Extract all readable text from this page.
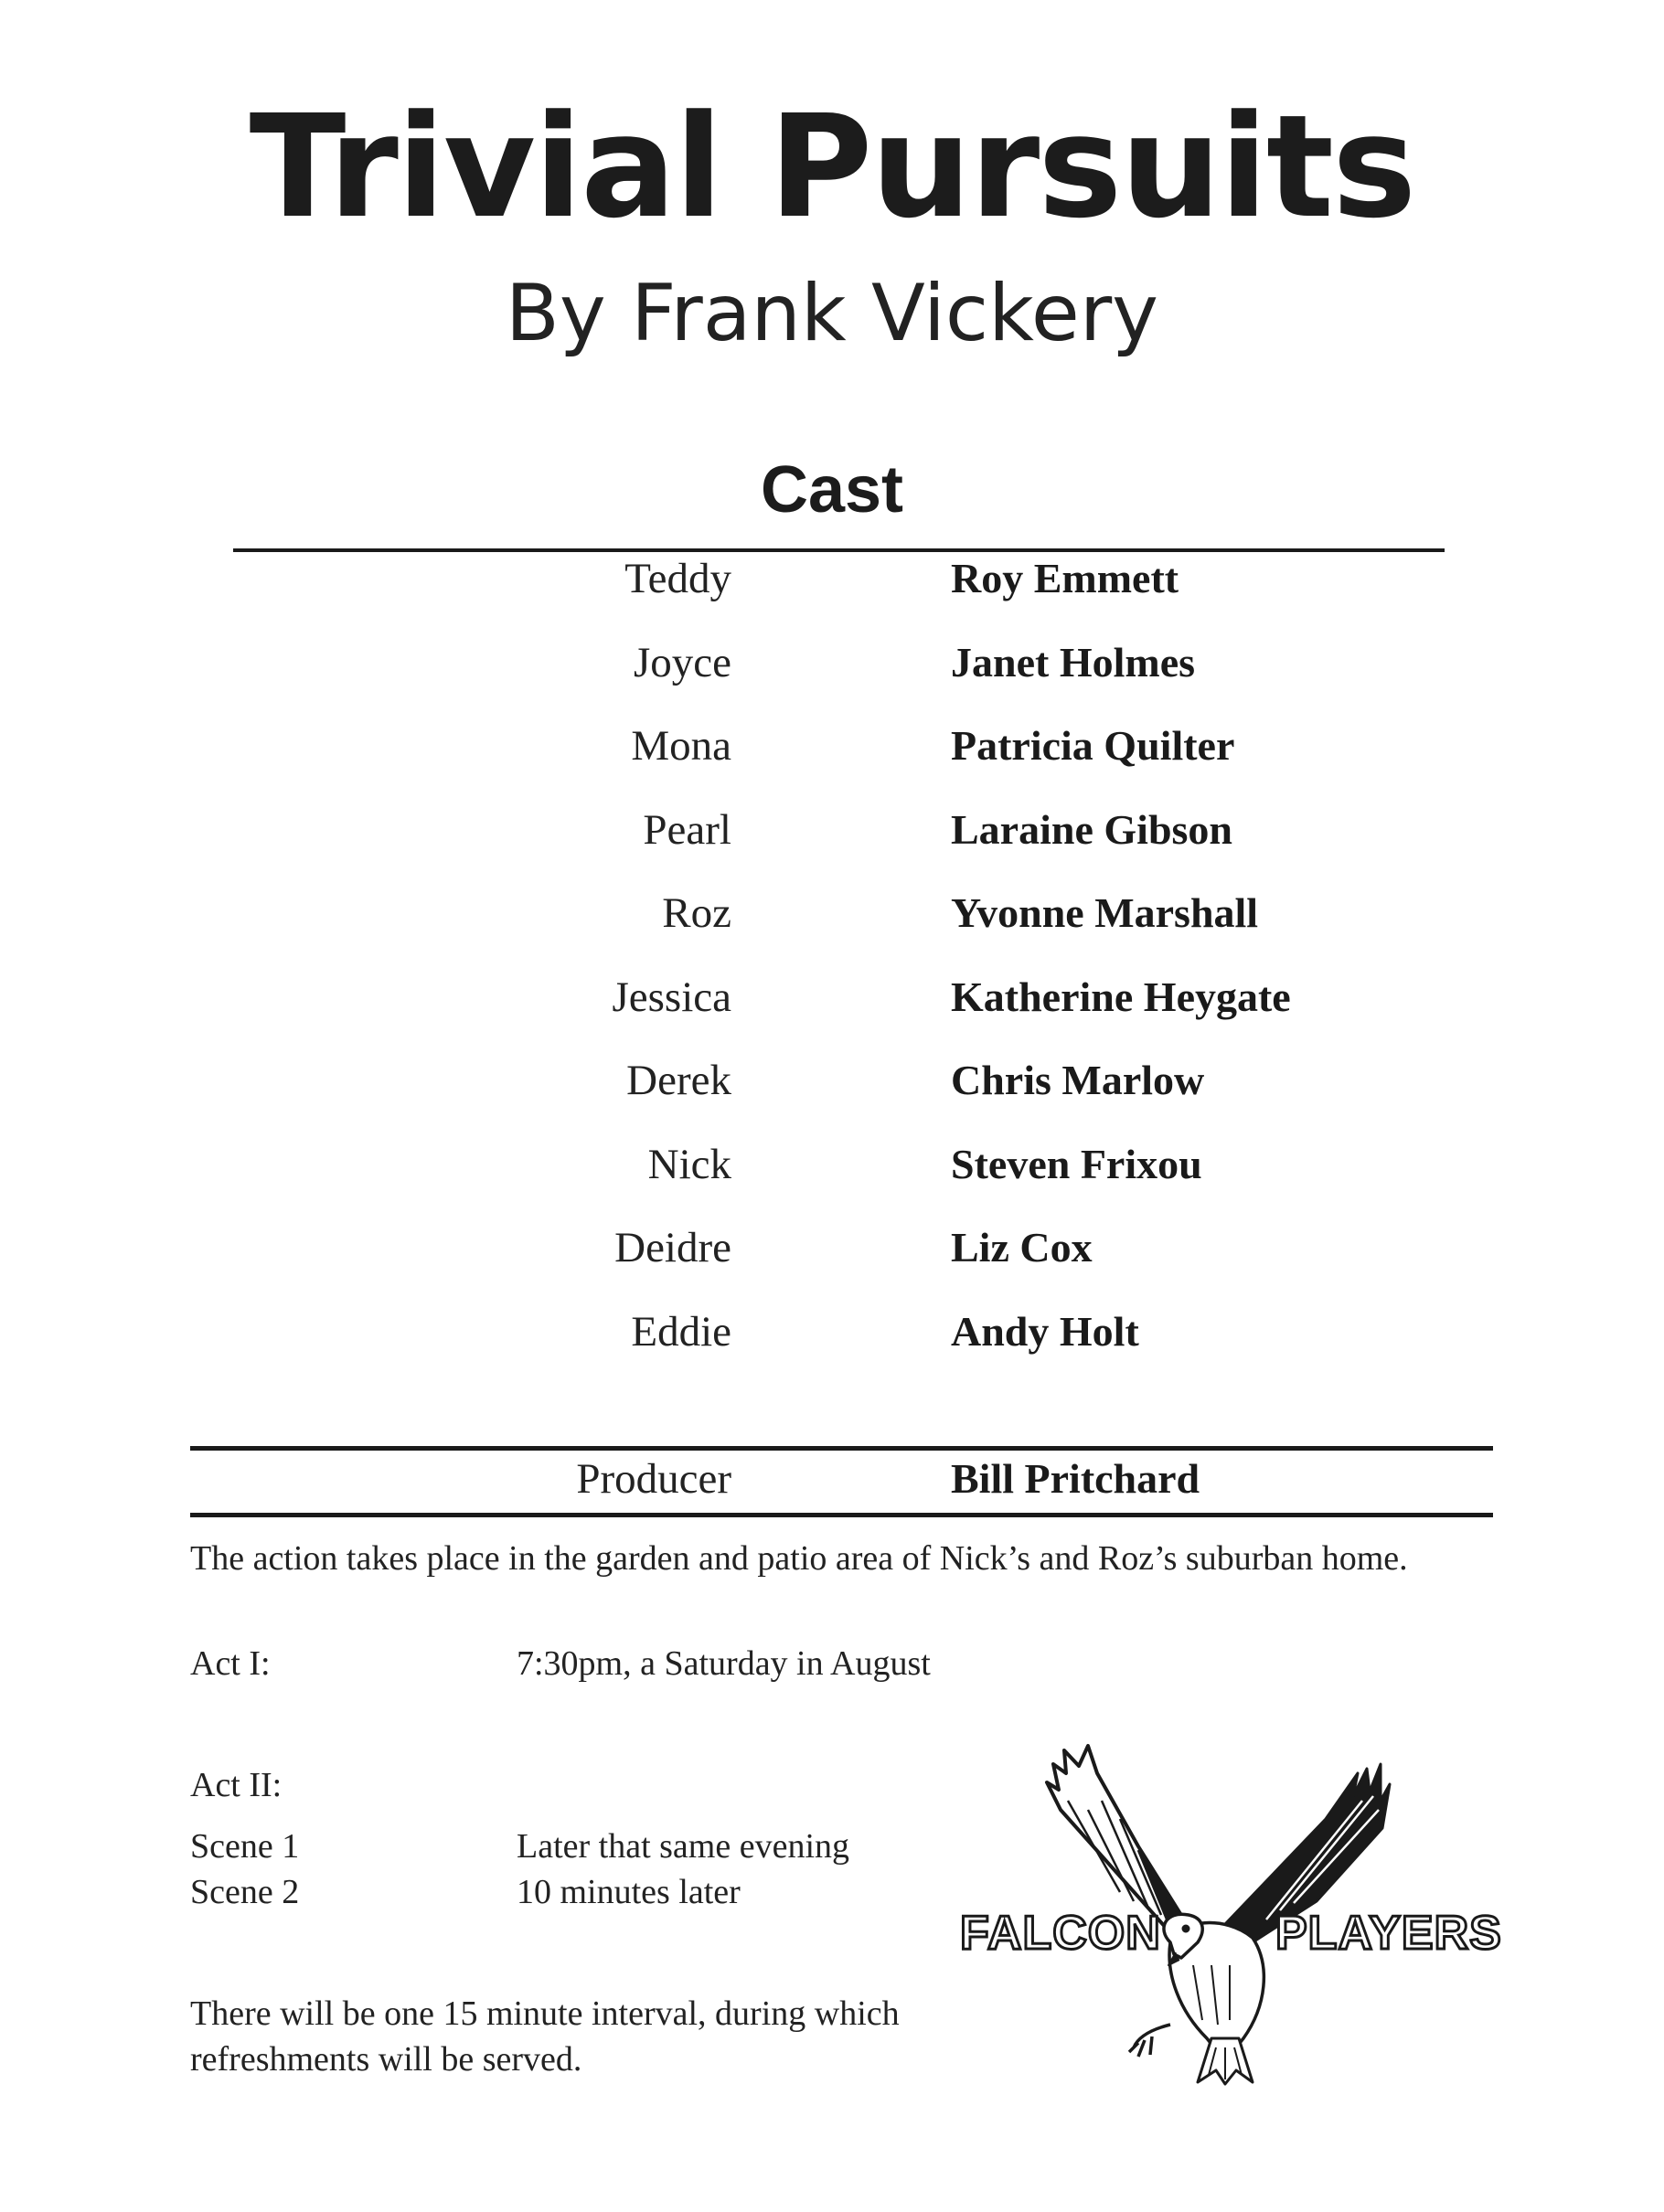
Trivial Pursuits
By Frank Vickery
Cast
Teddy	Roy Emmett
Joyce	Janet Holmes
Mona	Patricia Quilter
Pearl	Laraine Gibson
Roz	Yvonne Marshall
Jessica	Katherine Heygate
Derek	Chris Marlow
Nick	Steven Frixou
Deidre	Liz Cox
Eddie	Andy Holt
Producer	Bill Pritchard

The action takes place in the garden and patio area of Nick’s and Roz’s suburban home.

Act I:	7:30pm, a Saturday in August
Act II:
Scene 1	Later that same evening
Scene 2	10 minutes later

There will be one 15 minute interval, during which refreshments will be served.

FALCON PLAYERS
